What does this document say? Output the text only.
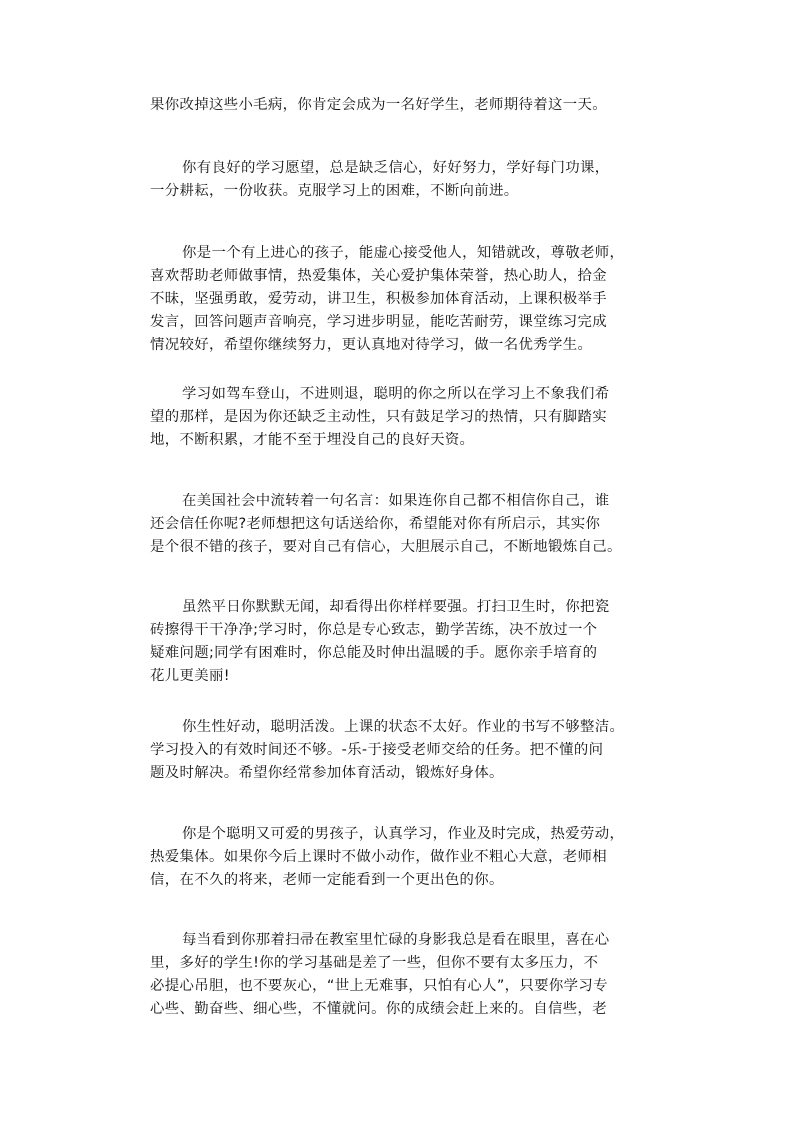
果你改掉这些小毛病，你肯定会成为一名好学生，老师期待着这一天。
你有良好的学习愿望，总是缺乏信心，好好努力，学好每门功课，
一分耕耘，一份收获。克服学习上的困难，不断向前进。
你是一个有上进心的孩子，能虚心接受他人，知错就改，尊敬老师，
喜欢帮助老师做事情，热爱集体，关心爱护集体荣誉，热心助人，拾金
不昧，坚强勇敢，爱劳动，讲卫生，积极参加体育活动，上课积极举手
发言，回答问题声音响亮，学习进步明显，能吃苦耐劳，课堂练习完成
情况较好，希望你继续努力，更认真地对待学习，做一名优秀学生。
学习如驾车登山，不进则退，聪明的你之所以在学习上不象我们希
望的那样，是因为你还缺乏主动性，只有鼓足学习的热情，只有脚踏实
地，不断积累，才能不至于埋没自己的良好天资。
在美国社会中流转着一句名言：如果连你自己都不相信你自己，谁
还会信任你呢?老师想把这句话送给你，希望能对你有所启示，其实你
是个很不错的孩子，要对自己有信心，大胆展示自己，不断地锻炼自己。
虽然平日你默默无闻，却看得出你样样要强。打扫卫生时，你把瓷
砖擦得干干净净;学习时，你总是专心致志，勤学苦练，决不放过一个
疑难问题;同学有困难时，你总能及时伸出温暖的手。愿你亲手培育的
花儿更美丽!
你生性好动，聪明活泼。上课的状态不太好。作业的书写不够整洁。
学习投入的有效时间还不够。-乐-于接受老师交给的任务。把不懂的问
题及时解决。希望你经常参加体育活动，锻炼好身体。
你是个聪明又可爱的男孩子，认真学习，作业及时完成，热爱劳动，
热爱集体。如果你今后上课时不做小动作，做作业不粗心大意，老师相
信，在不久的将来，老师一定能看到一个更出色的你。
每当看到你那着扫帚在教室里忙碌的身影我总是看在眼里，喜在心
里，多好的学生!你的学习基础是差了一些，但你不要有太多压力，不
必提心吊胆，也不要灰心，“世上无难事，只怕有心人”，只要你学习专
心些、勤奋些、细心些，不懂就问。你的成绩会赶上来的。自信些，老
